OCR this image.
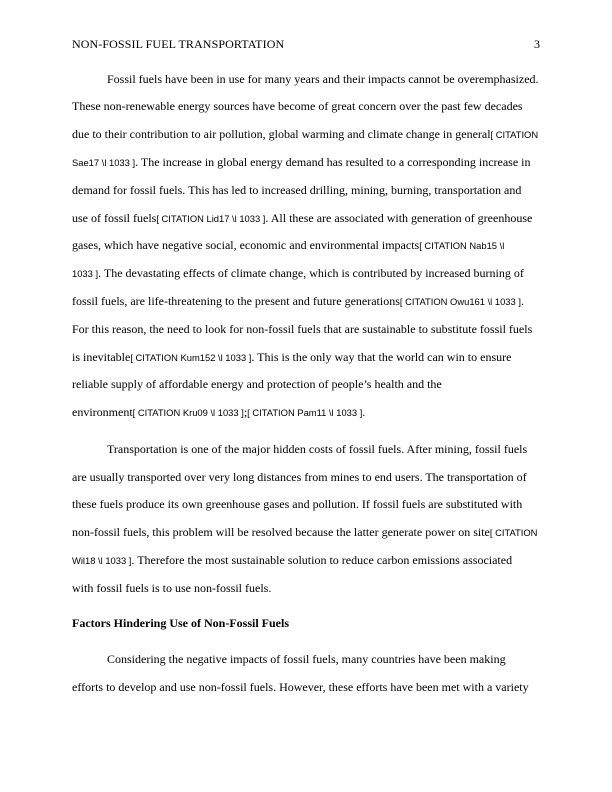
NON-FOSSIL FUEL TRANSPORTATION	3
Fossil fuels have been in use for many years and their impacts cannot be overemphasized.
These non-renewable energy sources have become of great concern over the past few decades
due to their contribution to air pollution, global warming and climate change in general[ CITATION
Sae17 \l 1033 ]. The increase in global energy demand has resulted to a corresponding increase in
demand for fossil fuels. This has led to increased drilling, mining, burning, transportation and
use of fossil fuels[ CITATION Lid17 \l 1033 ]. All these are associated with generation of greenhouse
gases, which have negative social, economic and environmental impacts[ CITATION Nab15 \l
1033 ]. The devastating effects of climate change, which is contributed by increased burning of
fossil fuels, are life-threatening to the present and future generations[ CITATION Owu161 \l 1033 ].
For this reason, the need to look for non-fossil fuels that are sustainable to substitute fossil fuels
is inevitable[ CITATION Kum152 \l 1033 ]. This is the only way that the world can win to ensure
reliable supply of affordable energy and protection of people’s health and the
environment[ CITATION Kru09 \l 1033 ];[ CITATION Pam11 \l 1033 ].
Transportation is one of the major hidden costs of fossil fuels. After mining, fossil fuels
are usually transported over very long distances from mines to end users. The transportation of
these fuels produce its own greenhouse gases and pollution. If fossil fuels are substituted with
non-fossil fuels, this problem will be resolved because the latter generate power on site[ CITATION
Wil18 \l 1033 ]. Therefore the most sustainable solution to reduce carbon emissions associated
with fossil fuels is to use non-fossil fuels.
Factors Hindering Use of Non-Fossil Fuels
Considering the negative impacts of fossil fuels, many countries have been making
efforts to develop and use non-fossil fuels. However, these efforts have been met with a variety
